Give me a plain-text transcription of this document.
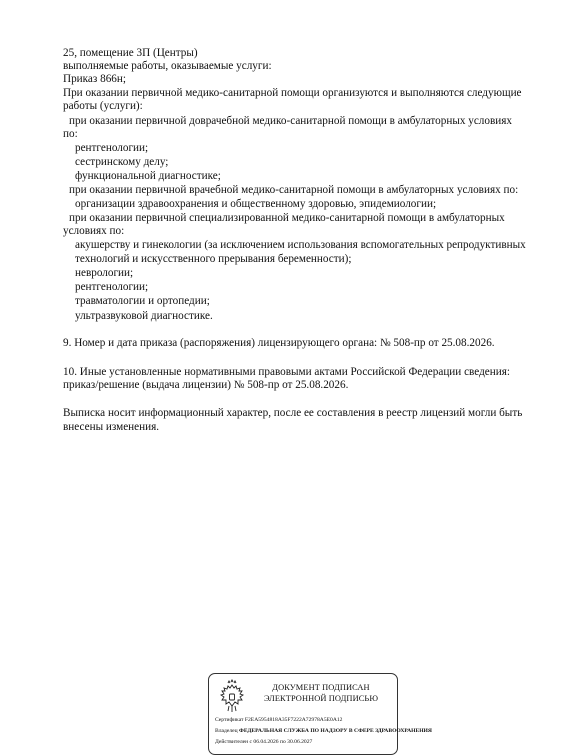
25, помещение 3П (Центры)
выполняемые работы, оказываемые услуги:
Приказ 866н;
При оказании первичной медико-санитарной помощи организуются и выполняются следующие
работы (услуги):
при оказании первичной доврачебной медико-санитарной помощи в амбулаторных условиях
по:
рентгенологии;
сестринскому делу;
функциональной диагностике;
при оказании первичной врачебной медико-санитарной помощи в амбулаторных условиях по:
организации здравоохранения и общественному здоровью, эпидемиологии;
при оказании первичной специализированной медико-санитарной помощи в амбулаторных
условиях по:
акушерству и гинекологии (за исключением использования вспомогательных репродуктивных
технологий и искусственного прерывания беременности);
неврологии;
рентгенологии;
травматологии и ортопедии;
ультразвуковой диагностике.
9. Номер и дата приказа (распоряжения) лицензирующего органа: № 508-пр от 25.08.2026.
10. Иные установленные нормативными правовыми актами Российской Федерации сведения:
приказ/решение (выдача лицензии) № 508-пр от 25.08.2026.
Выписка носит информационный характер, после ее составления в реестр лицензий могли быть
внесены изменения.
ДОКУМЕНТ ПОДПИСАН
ЭЛЕКТРОННОЙ ПОДПИСЬЮ
Сертификат F2EA5954818A35F7222A72978A5E0A12
Владелец ФЕДЕРАЛЬНАЯ СЛУЖБА ПО НАДЗОРУ В СФЕРЕ ЗДРАВООХРАНЕНИЯ
Действителен с 06.04.2026 по 30.06.2027
